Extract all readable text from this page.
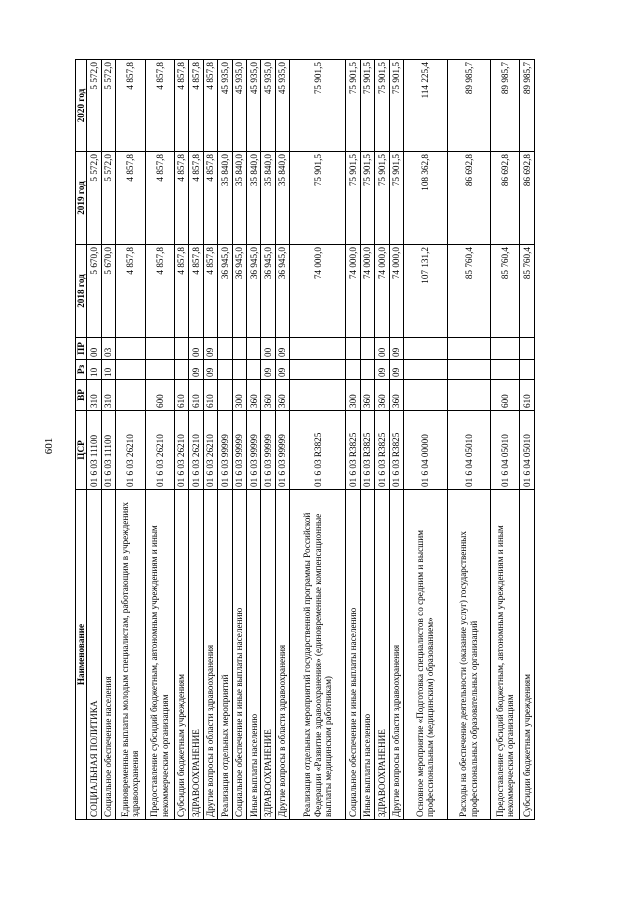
601
Наименование	ЦСР	ВР	Рз	ПР	2018 год	2019 год	2020 год
СОЦИАЛЬНАЯ ПОЛИТИКА	01 6 03 11100	310	10	00	5 670,0	5 572,0	5 572,0
Социальное обеспечение населения	01 6 03 11100	310	10	03	5 670,0	5 572,0	5 572,0
Единовременные выплаты молодым специалистам, работающим в учреждениях здравоохранения	01 6 03 26210				4 857,8	4 857,8	4 857,8
Предоставление субсидий бюджетным, автономным учреждениям и иным некоммерческим организациям	01 6 03 26210	600			4 857,8	4 857,8	4 857,8
Субсидии бюджетным учреждениям	01 6 03 26210	610			4 857,8	4 857,8	4 857,8
ЗДРАВООХРАНЕНИЕ	01 6 03 26210	610	09	00	4 857,8	4 857,8	4 857,8
Другие вопросы в области здравоохранения	01 6 03 26210	610	09	09	4 857,8	4 857,8	4 857,8
Реализация отдельных мероприятий	01 6 03 99999				36 945,0	35 840,0	45 935,0
Социальное обеспечение и иные выплаты населению	01 6 03 99999	300			36 945,0	35 840,0	45 935,0
Иные выплаты населению	01 6 03 99999	360			36 945,0	35 840,0	45 935,0
ЗДРАВООХРАНЕНИЕ	01 6 03 99999	360	09	00	36 945,0	35 840,0	45 935,0
Другие вопросы в области здравоохранения	01 6 03 99999	360	09	09	36 945,0	35 840,0	45 935,0
Реализация отдельных мероприятий государственной программы Российской Федерации «Развитие здравоохранения» (единовременные компенсационные выплаты медицинским работникам)	01 6 03 R3825				74 000,0	75 901,5	75 901,5
Социальное обеспечение и иные выплаты населению	01 6 03 R3825	300			74 000,0	75 901,5	75 901,5
Иные выплаты населению	01 6 03 R3825	360			74 000,0	75 901,5	75 901,5
ЗДРАВООХРАНЕНИЕ	01 6 03 R3825	360	09	00	74 000,0	75 901,5	75 901,5
Другие вопросы в области здравоохранения	01 6 03 R3825	360	09	09	74 000,0	75 901,5	75 901,5
Основное мероприятие «Подготовка специалистов со средним и высшим профессиональным (медицинским) образованием»	01 6 04 00000				107 131,2	108 362,8	114 225,4
Расходы на обеспечение деятельности (оказание услуг) государственных профессиональных образовательных организаций	01 6 04 05010				85 760,4	86 692,8	89 985,7
Предоставление субсидий бюджетным, автономным учреждениям и иным некоммерческим организациям	01 6 04 05010	600			85 760,4	86 692,8	89 985,7
Субсидии бюджетным учреждениям	01 6 04 05010	610			85 760,4	86 692,8	89 985,7
